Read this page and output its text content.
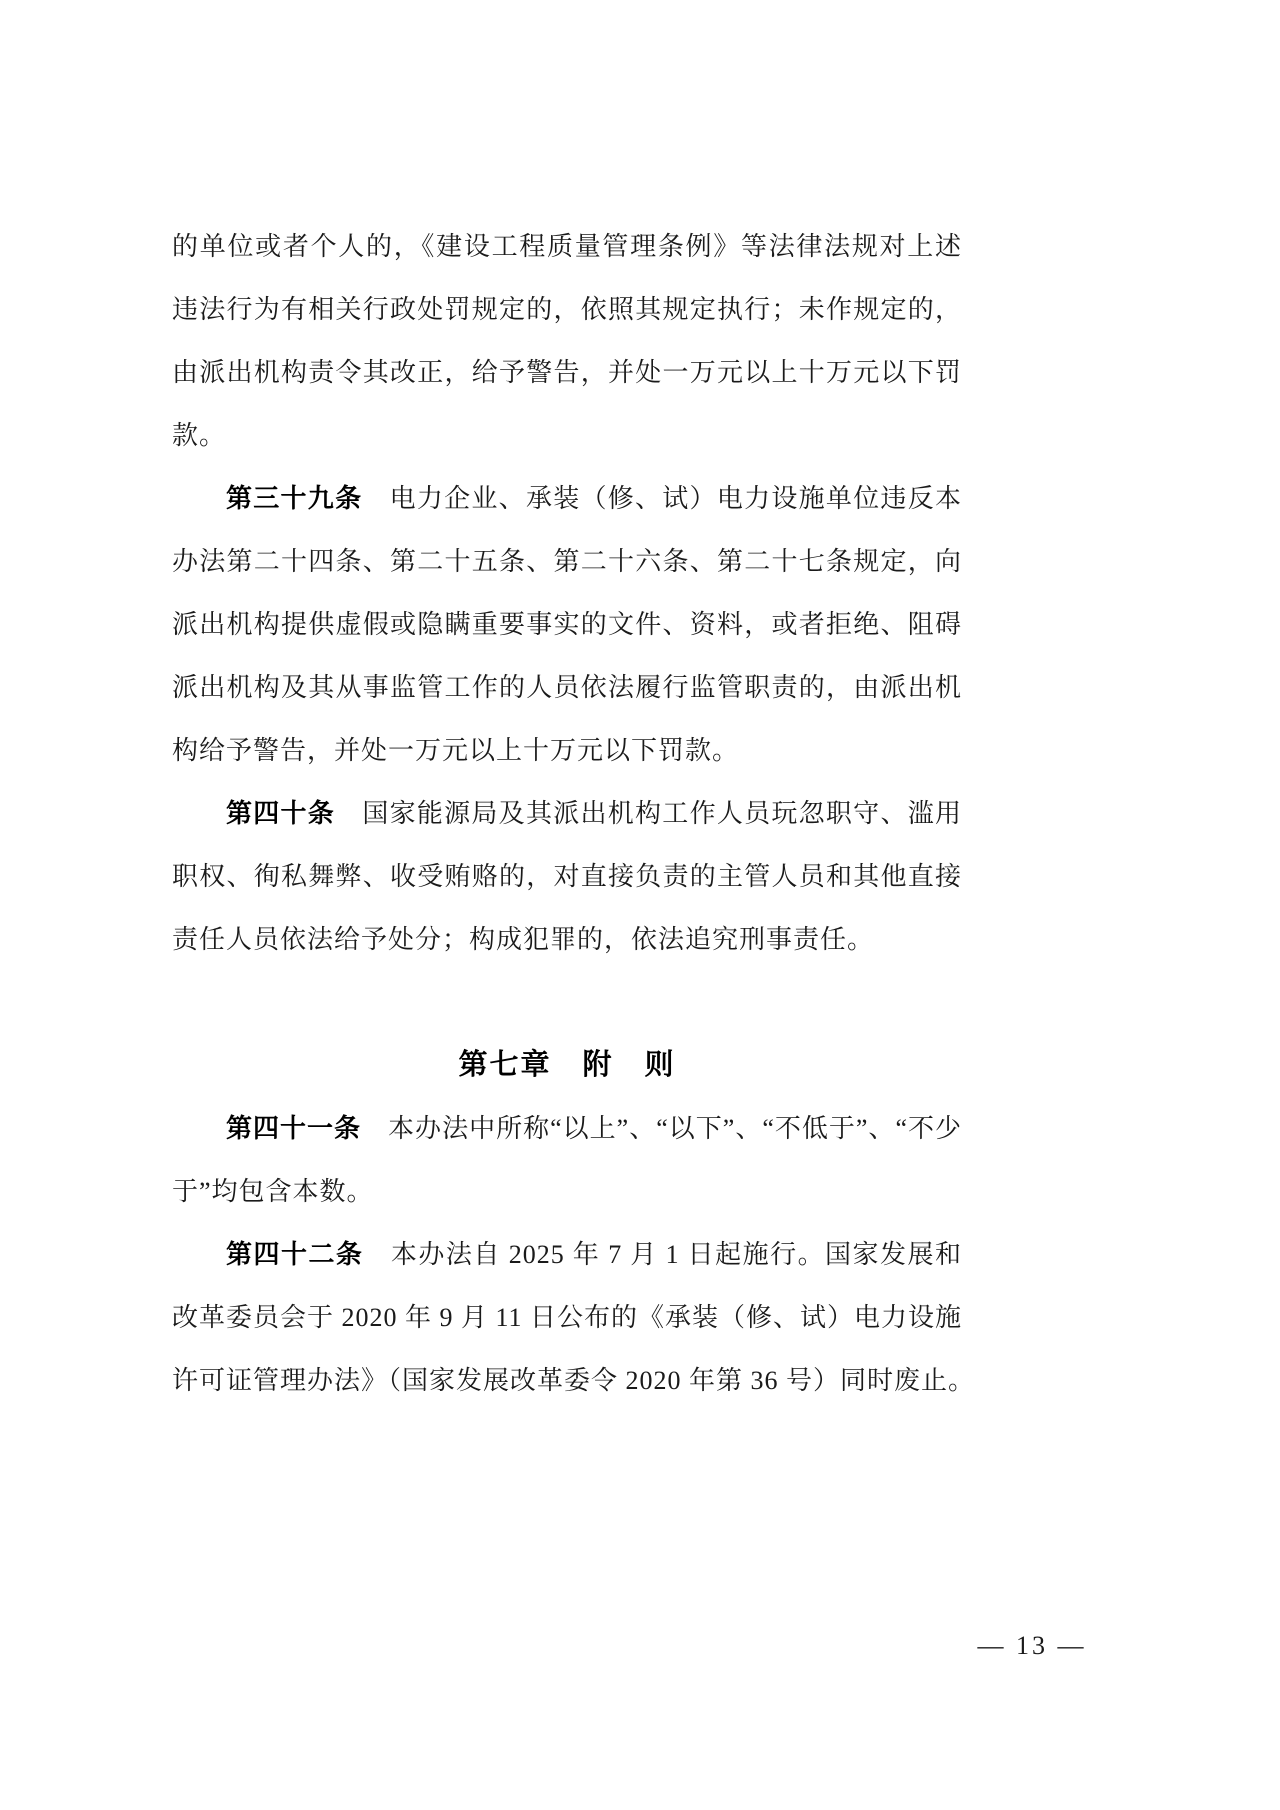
的单位或者个人的，《建设工程质量管理条例》等法律法规对上述
违法行为有相关行政处罚规定的，依照其规定执行；未作规定的，
由派出机构责令其改正，给予警告，并处一万元以上十万元以下罚
款。
第三十九条　电力企业、承装（修、试）电力设施单位违反本
办法第二十四条、第二十五条、第二十六条、第二十七条规定，向
派出机构提供虚假或隐瞒重要事实的文件、资料，或者拒绝、阻碍
派出机构及其从事监管工作的人员依法履行监管职责的，由派出机
构给予警告，并处一万元以上十万元以下罚款。
第四十条　国家能源局及其派出机构工作人员玩忽职守、滥用
职权、徇私舞弊、收受贿赂的，对直接负责的主管人员和其他直接
责任人员依法给予处分；构成犯罪的，依法追究刑事责任。
第七章　附　则
第四十一条　本办法中所称“以上”、“以下”、“不低于”、“不少
于”均包含本数。
第四十二条　本办法自 2025 年 7 月 1 日起施行。国家发展和
改革委员会于 2020 年 9 月 11 日公布的《承装（修、试）电力设施
许可证管理办法》（国家发展改革委令 2020 年第 36 号）同时废止。
— 13 —
